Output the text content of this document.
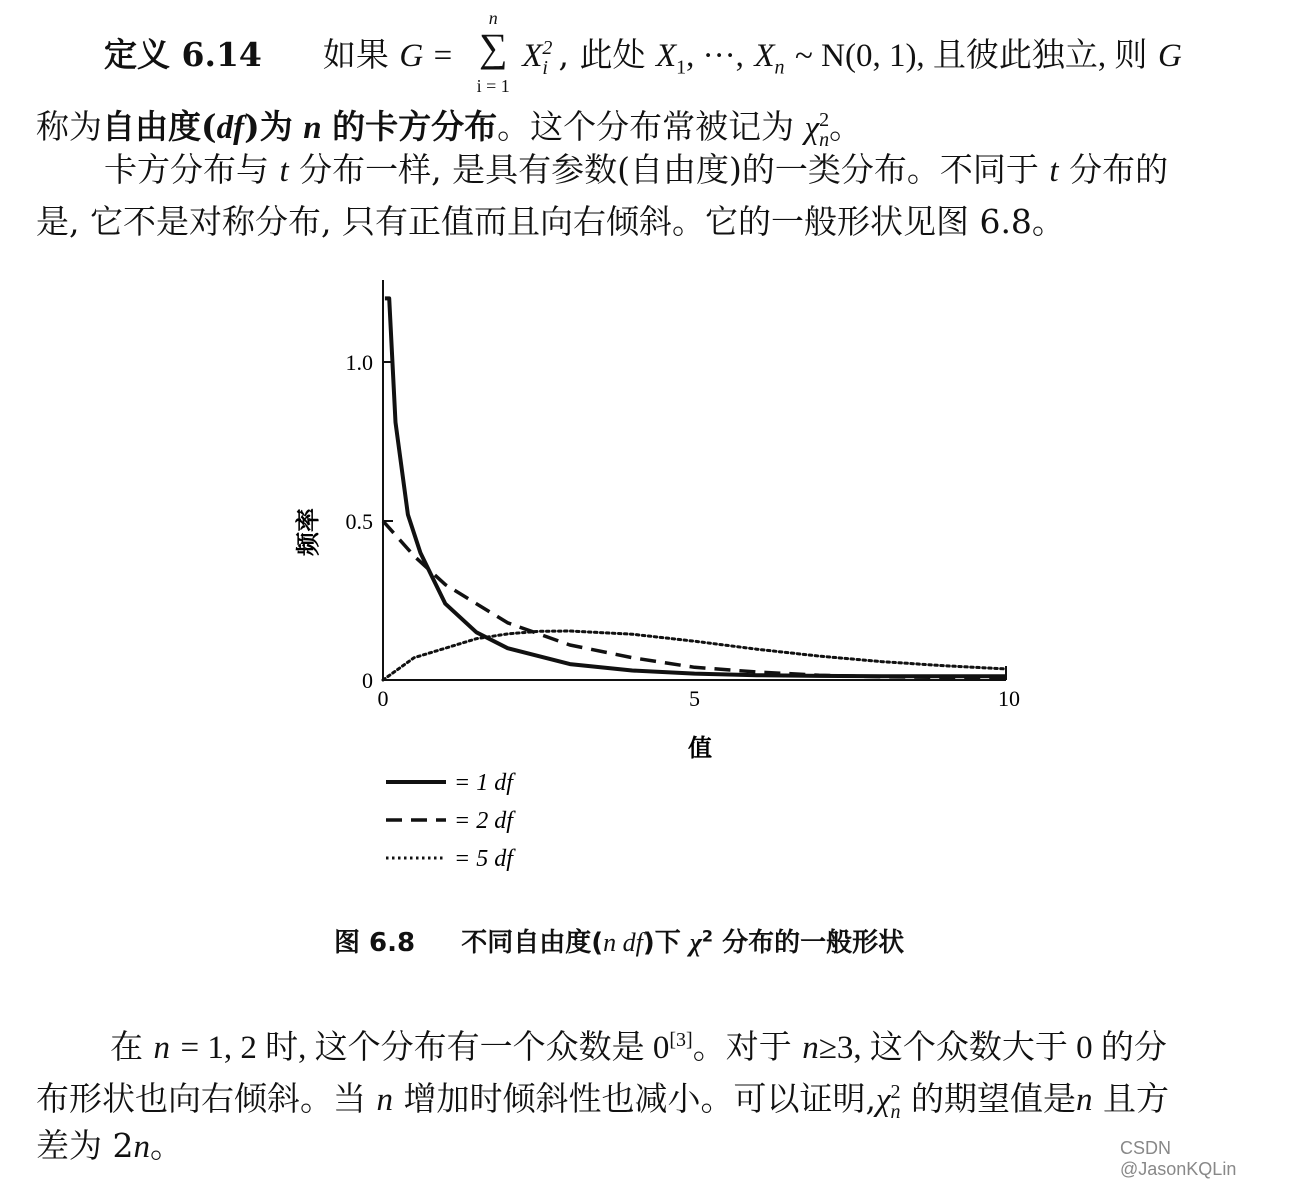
定义 6.14 如果 G =
n
∑
i = 1
$X^2_i$ , 此处 $X_1$, ···, $X_n$ ~ N(0, 1), 且彼此独立, 则 G
称为自由度(df)为 n 的卡方分布。这个分布常被记为 $\chi^2_n$。
卡方分布与 t 分布一样, 是具有参数(自由度)的一类分布。不同于 t 分布的
是, 它不是对称分布, 只有正值而且向右倾斜。它的一般形状见图 6.8。
0
0.5
1.0
0	5	10
值
频率
= 1 df
= 2 df
= 5 df
图 6.8 不同自由度(n df)下 $\chi^2$ 分布的一般形状
在 n = 1, 2 时, 这个分布有一个众数是 0[3]。对于 n≥3, 这个众数大于 0 的分
布形状也向右倾斜。当 n 增加时倾斜性也减小。可以证明$,\chi^2_n$ 的期望值是n 且方
差为 2n。	CSDN @JasonKQLin
